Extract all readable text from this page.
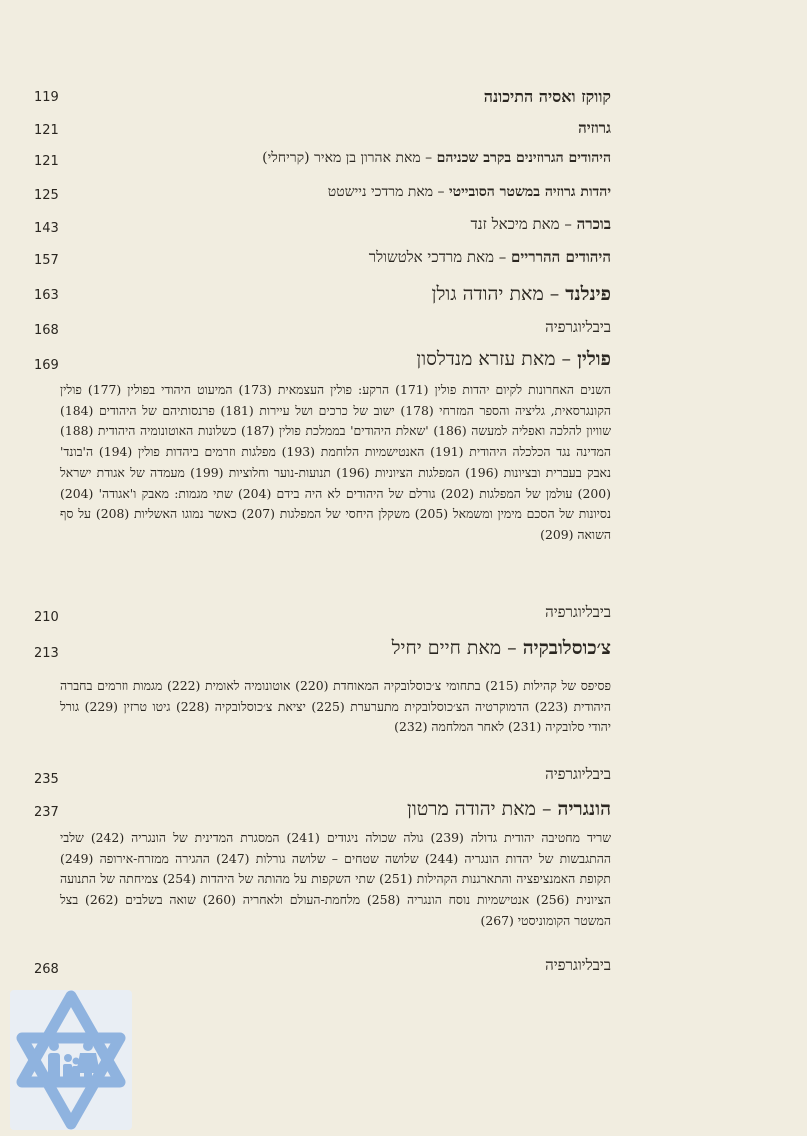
119	קווקז ואסיה התיכונה
121	גרוזיה
121	היהודים הגרוזינים בקרב שכניהם – מאת אהרון בן מאיר (קריחלי)
125	יהדות גרוזיה במשטר הסובייטי – מאת מרדכי ניישטט
143	בוכרה – מאת מיכאל זנד
157	היהודים ההרריים – מאת מרדכי אלטשולר
163	פינלנד – מאת יהודה גולן
168	ביבליוגרפיה
169	פולין – מאת עזרא מנדלסון
השנים האחרונות לקיום יהדות פולין (171) הרקע: פולין העצמאית (173) המיעוט היהודי בפולין (177) פולין הקונגרסאית, גליציה והספר המזרחי (178) ישוב של כרכים ושל עיירות (181) פרנסותיהם של היהודים (184) שוויון להלכה ואפליה למעשה (186) 'שאלת היהודים' בממלכת פולין (187) כשלונות האוטונומיה היהודית (188) המדינה נגד הכלכלה היהודית (191) האנטישמיות הלוחמת (193) מפלגות וזרמים ביהדות פולין (194) ה'בונד' נאבק בעברית ובציונות (196) המפלגות הציוניות (196) תנועות-נוער וחלוציות (199) מעמדה של אגודת ישראל (200) עולמן של המפלגות (202) גורלם של היהודים לא היה בידם (204) שתי מגמות: מאבק ו'אגודה' (204) נסיונות של הסכם מימין ומשמאל (205) משקלן היחסי של המפלגות (207) כאשר נמוגו האשליות (208) על סף השואה (209)
210	ביבליוגרפיה
213	צ׳כוסלובקיה – מאת חיים יחיל
פסיפס של קהילות (215) בתחומי צ׳כוסלובקיה המאוחדת (220) אוטונומיה לאומית (222) מגמות וזרמים בחברה היהודית (223) הדמוקרטיה הצ׳כוסלובקית מתערערת (225) יציאת צ׳כוסלובקיה (228) גיטו טרזין (229) גורל יהודי סלובקיה (231) לאחר המלחמה (232)
235	ביבליוגרפיה
237	הונגריה – מאת יהודה מרטון
שריד מחטיבה יהודית גדולה (239) גולה שכולה ניגודים (241) המסגרת המדינית של הונגריה (242) שלבי ההתגבשות של יהדות הונגריה (244) שלושה שטחים – שלושה גורלות (247) ההגירה ממזרח-אירופה (249) תקופת האמנציפציה והתארגנות הקהילות (251) שתי השקפות על מהותה של היהדות (254) צמיחתה של התנועה הציונית (256) אנטישמיות נוסח הונגריה (258) מלחמת-העולם ולאחריה (260) שואה בשלבים (262) בצל המשטר הקומוניסטי (267)
268	ביבליוגרפיה
